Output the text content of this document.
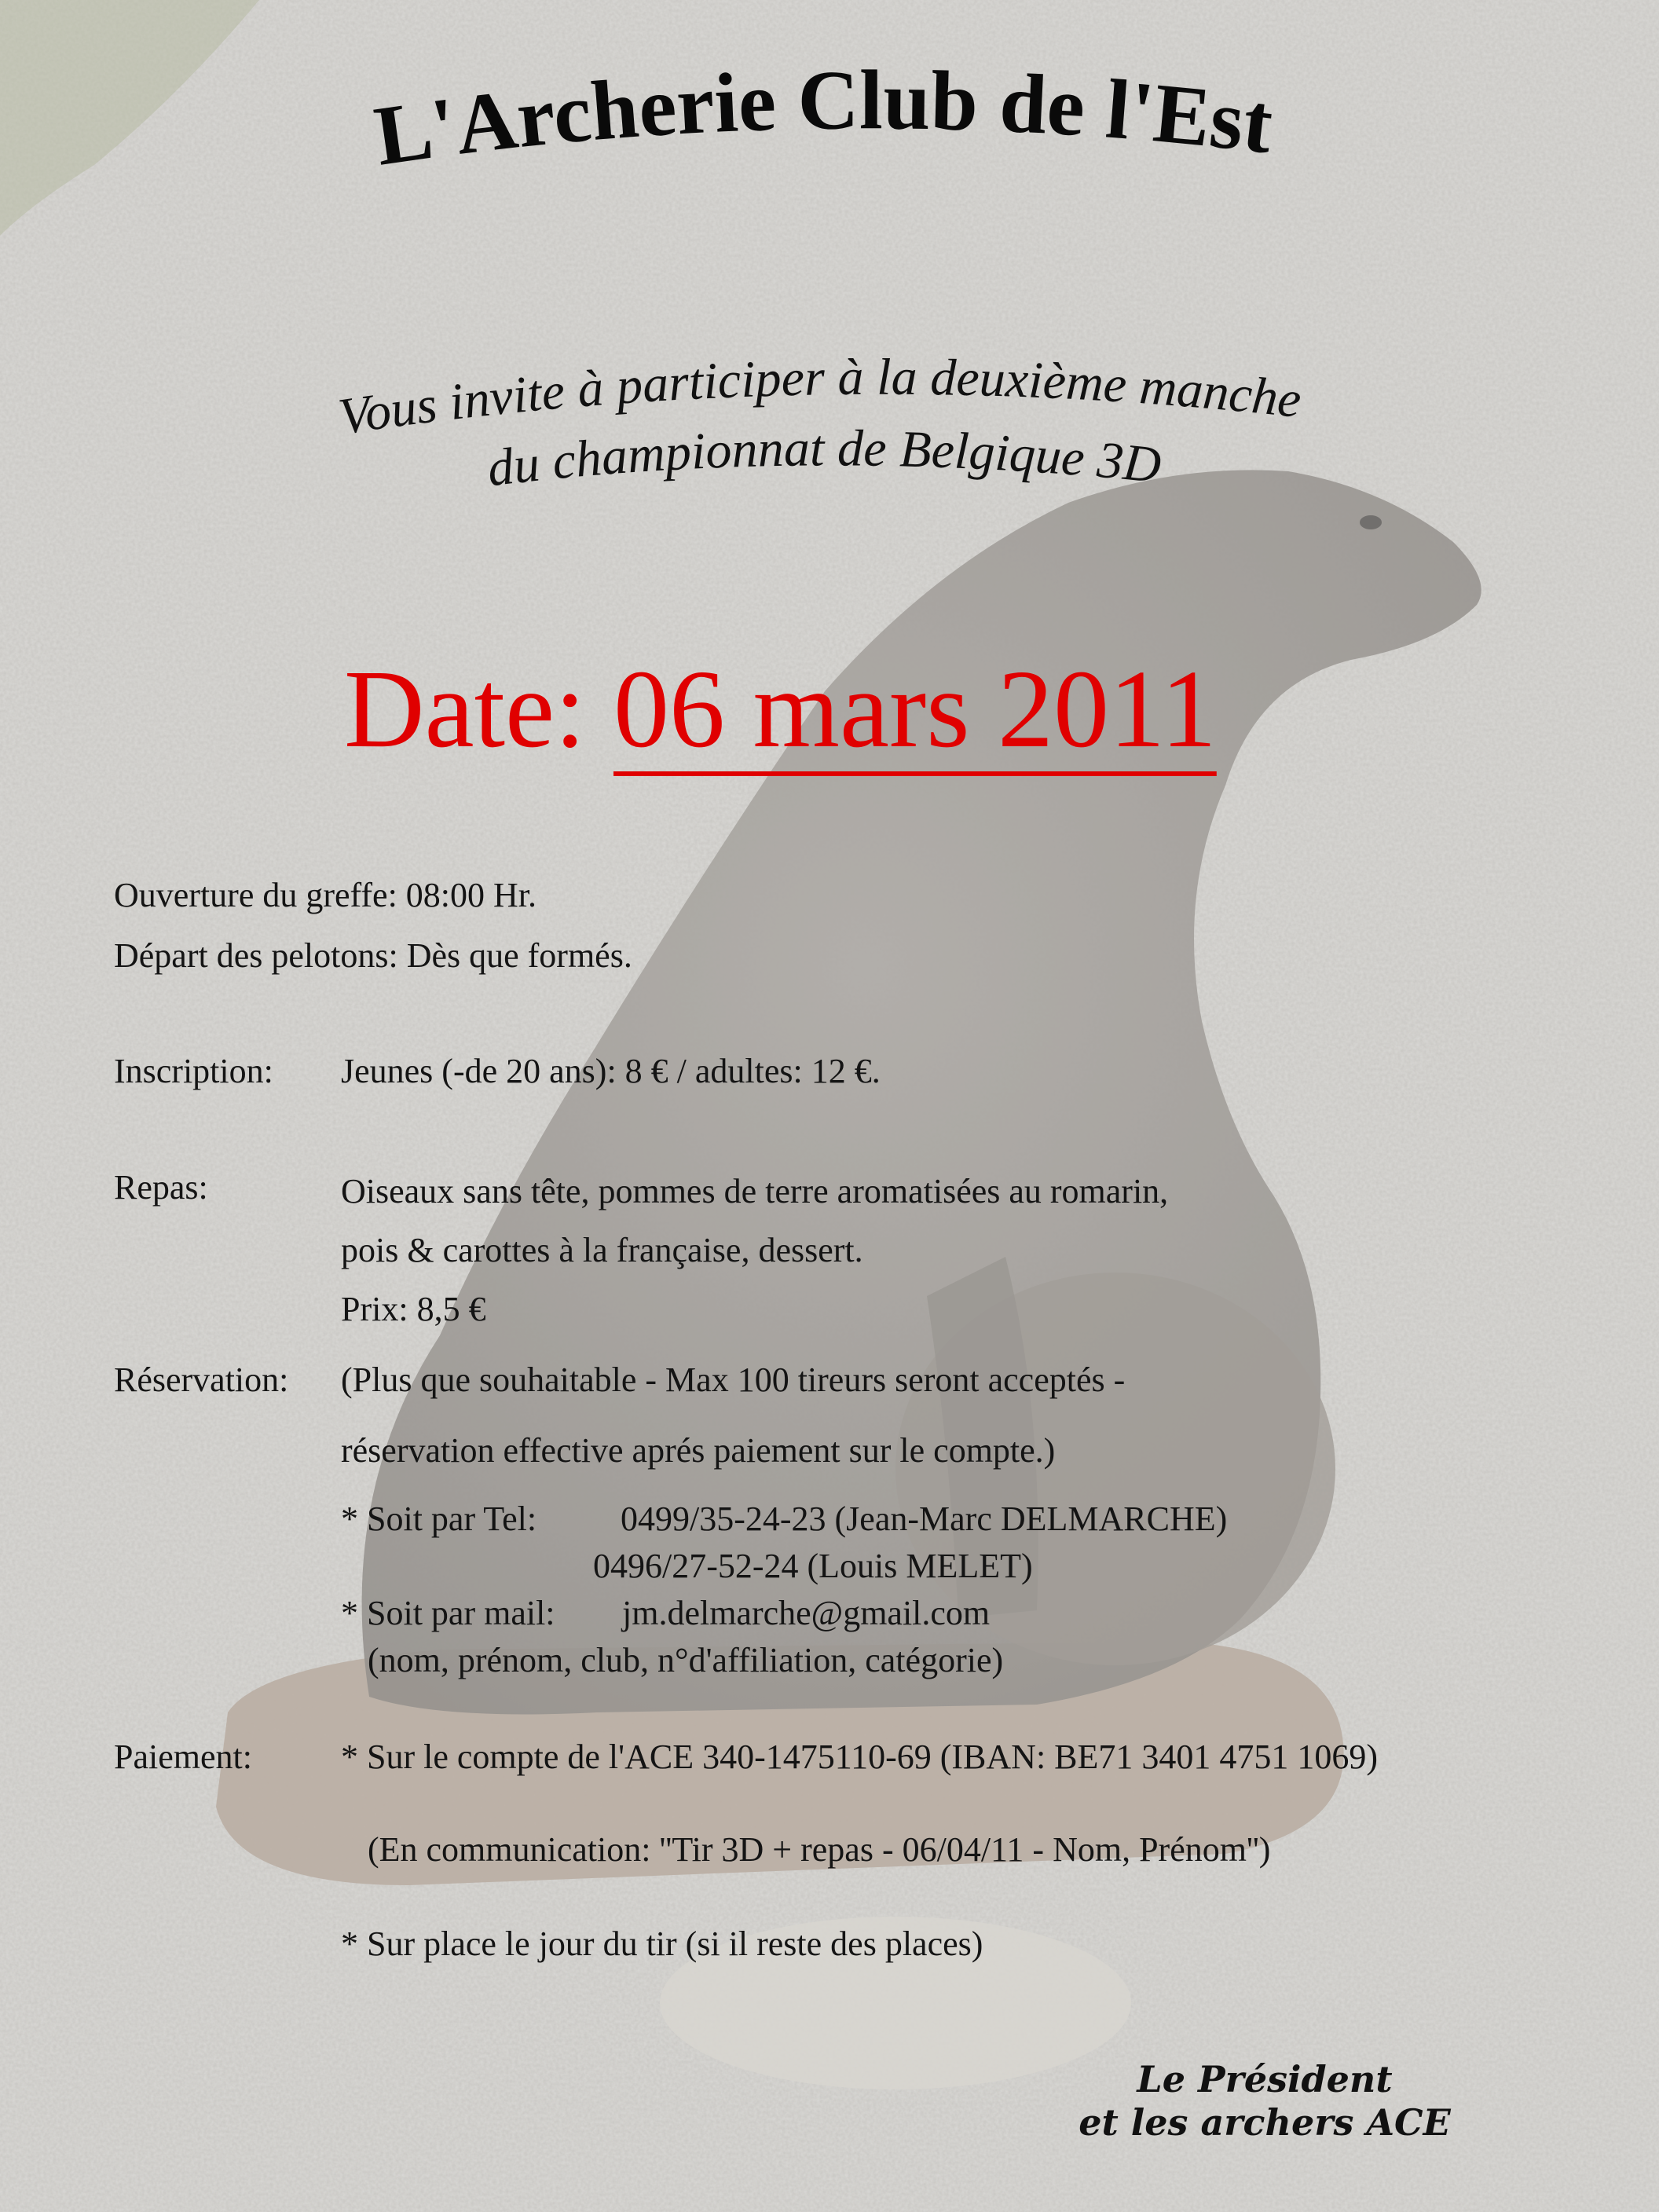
L'Archerie Club de l'Est
Vous invite à participer à la deuxième manche
du championnat de Belgique 3D
Date: 06 mars 2011
Ouverture du greffe: 08:00 Hr.
Départ des pelotons: Dès que formés.
Inscription: Jeunes (-de 20 ans): 8 € / adultes: 12 €.
Repas:	Oiseaux sans tête, pommes de terre aromatisées au romarin,
pois & carottes à la française, dessert.
Prix: 8,5 €
Réservation: (Plus que souhaitable - Max 100 tireurs seront acceptés -
réservation effective aprés paiement sur le compte.)
* Soit par Tel: 0499/35-24-23 (Jean-Marc DELMARCHE)
0496/27-52-24 (Louis MELET)
* Soit par mail: jm.delmarche@gmail.com
(nom, prénom, club, n°d'affiliation, catégorie)
Paiement:	* Sur le compte de l'ACE 340-1475110-69 (IBAN: BE71 3401 4751 1069)
(En communication: ''Tir 3D + repas - 06/04/11 - Nom, Prénom'')
* Sur place le jour du tir (si il reste des places)
Le Président
et les archers ACE
